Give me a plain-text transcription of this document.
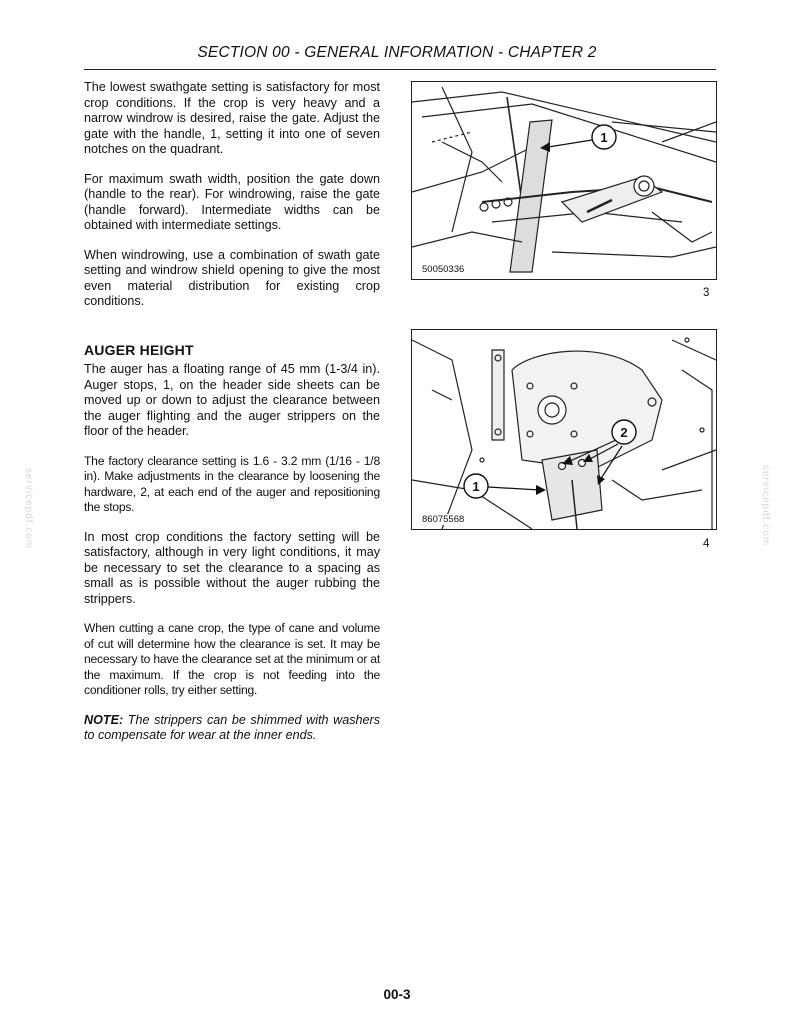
SECTION 00 - GENERAL INFORMATION - CHAPTER 2

The lowest swathgate setting is satisfactory for most crop conditions. If the crop is very heavy and a narrow windrow is desired, raise the gate. Adjust the gate with the handle, 1, setting it into one of seven notches on the quadrant.

For maximum swath width, position the gate down (handle to the rear). For windrowing, raise the gate (handle forward). Intermediate widths can be obtained with intermediate settings.

When windrowing, use a combination of swath gate setting and windrow shield opening to give the most even material distribution for existing crop conditions.

AUGER HEIGHT

The auger has a floating range of 45 mm (1-3/4 in). Auger stops, 1, on the header side sheets can be moved up or down to adjust the clearance between the auger flighting and the auger strippers on the floor of the header.

The factory clearance setting is 1.6 - 3.2 mm (1/16 - 1/8 in). Make adjustments in the clearance by loosening the hardware, 2, at each end of the auger and repositioning the stops.

In most crop conditions the factory setting will be satisfactory, although in very light conditions, it may be necessary to set the clearance to a spacing as small as is possible without the auger rubbing the strippers.

When cutting a cane crop, the type of cane and volume of cut will determine how the clearance is set. It may be necessary to have the clearance set at the minimum or at the maximum. If the crop is not feeding into the conditioner rolls, try either setting.

NOTE: The strippers can be shimmed with washers to compensate for wear at the inner ends.

1
50050336
3
1
2
86075568
4
servicepdf.com	servicepdf.com
00-3
